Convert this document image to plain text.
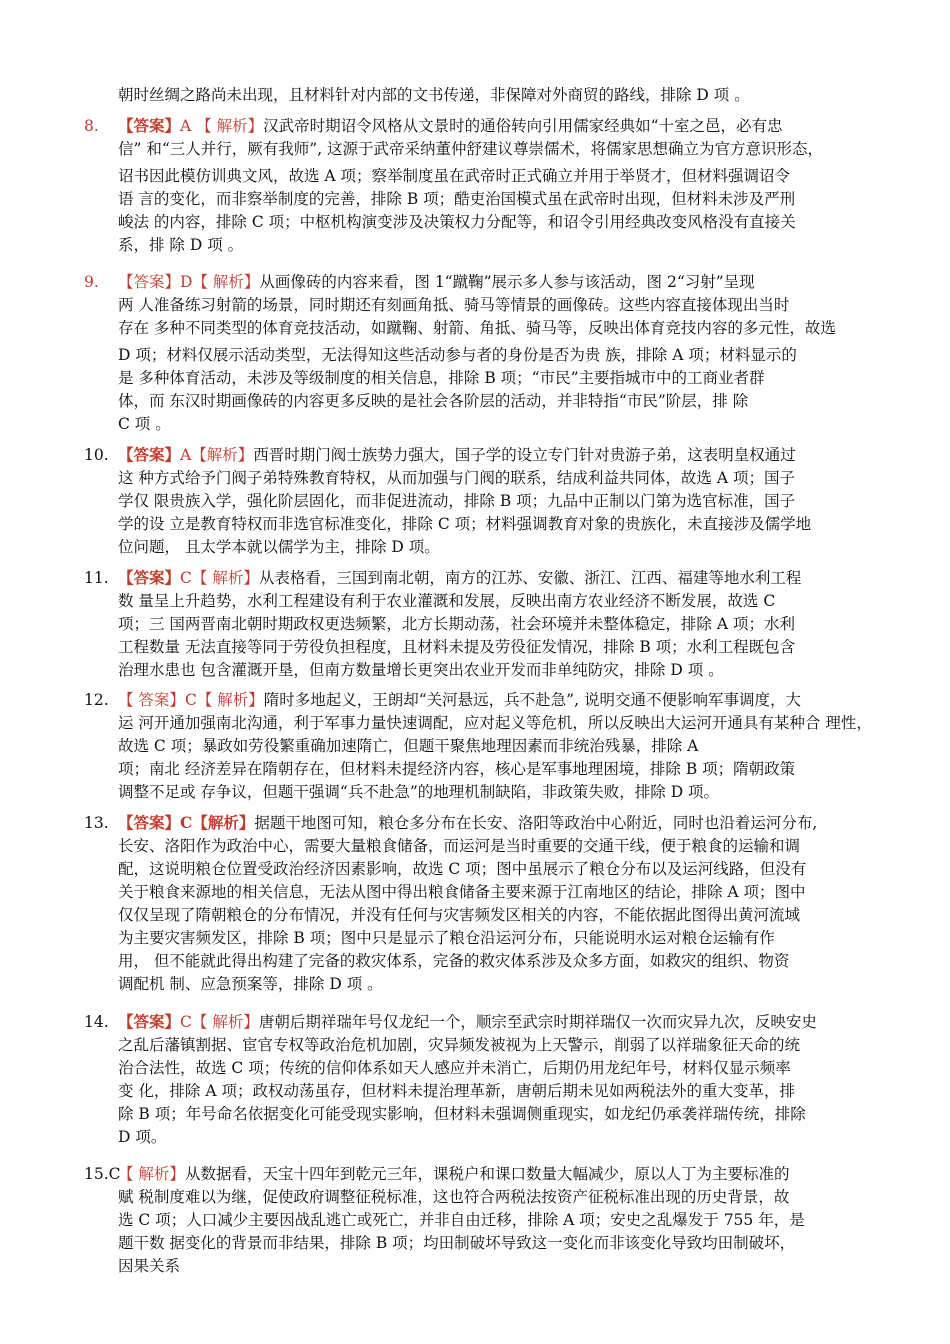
朝时丝绸之路尚未出现，且材料针对内部的文书传递，非保障对外商贸的路线，排除 D 项 。
8.	【答案】A 【 解析】汉武帝时期诏令风格从文景时的通俗转向引用儒家经典如“十室之邑，必有忠
信” 和“三人并行，厥有我师”, 这源于武帝采纳董仲舒建议尊崇儒术，将儒家思想确立为官方意识形态，
诏书因此模仿训典文风，故选 A 项；察举制度虽在武帝时正式确立并用于举贤才，但材料强调诏令
语 言的变化，而非察举制度的完善，排除 B 项；酷吏治国模式虽在武帝时出现，但材料未涉及严刑
峻法 的内容，排除 C 项；中枢机构演变涉及决策权力分配等，和诏令引用经典改变风格没有直接关
系，排 除 D 项 。
9.	【答案】D【 解析】从画像砖的内容来看，图 1“蹴鞠”展示多人参与该活动，图 2“习射”呈现
两 人准备练习射箭的场景，同时期还有刻画角抵、骑马等情景的画像砖。这些内容直接体现出当时
存在 多种不同类型的体育竞技活动，如蹴鞠、射箭、角抵、骑马等，反映出体育竞技内容的多元性，故选
D 项；材料仅展示活动类型，无法得知这些活动参与者的身份是否为贵 族，排除 A 项；材料显示的
是 多种体育活动，未涉及等级制度的相关信息，排除 B 项；“市民”主要指城市中的工商业者群
体，而 东汉时期画像砖的内容更多反映的是社会各阶层的活动，并非特指“市民”阶层，排 除
C 项 。
10. 【答案】A【解析】西晋时期门阀士族势力强大，国子学的设立专门针对贵游子弟，这表明皇权通过
这 种方式给予门阀子弟特殊教育特权，从而加强与门阀的联系，结成利益共同体，故选 A 项；国子
学仅 限贵族入学，强化阶层固化，而非促进流动，排除 B 项；九品中正制以门第为选官标准，国子
学的设 立是教育特权而非选官标准变化，排除 C 项；材料强调教育对象的贵族化，未直接涉及儒学地
位问题， 且太学本就以儒学为主，排除 D 项。
11. 【答案】C【 解析】从表格看，三国到南北朝，南方的江苏、安徽、浙江、江西、福建等地水利工程
数 量呈上升趋势，水利工程建设有利于农业灌溉和发展，反映出南方农业经济不断发展，故选 C
项；三 国两晋南北朝时期政权更迭频繁，北方长期动荡，社会环境并未整体稳定，排除 A 项；水利
工程数量 无法直接等同于劳役负担程度，且材料未提及劳役征发情况，排除 B 项；水利工程既包含
治理水患也 包含灌溉开垦，但南方数量增长更突出农业开发而非单纯防灾，排除 D 项 。
12. 【 答案】C【 解析】隋时多地起义，王朗却“关河悬远，兵不赴急”, 说明交通不便影响军事调度，大
运 河开通加强南北沟通，利于军事力量快速调配，应对起义等危机，所以反映出大运河开通具有某种合 理性，故选 C 项；暴政如劳役繁重确加速隋亡，但题干聚焦地理因素而非统治残暴，排除 A
项；南北 经济差异在隋朝存在，但材料未提经济内容，核心是军事地理困境，排除 B 项；隋朝政策
调整不足或 存争议，但题干强调“兵不赴急”的地理机制缺陷，非政策失败，排除 D 项。
13. 【答案】C【解析】据题干地图可知，粮仓多分布在长安、洛阳等政治中心附近，同时也沿着运河分布,
长安、洛阳作为政治中心，需要大量粮食储备，而运河是当时重要的交通干线，便于粮食的运输和调
配，这说明粮仓位置受政治经济因素影响，故选 C 项；图中虽展示了粮仓分布以及运河线路，但没有
关于粮食来源地的相关信息，无法从图中得出粮食储备主要来源于江南地区的结论，排除 A 项；图中
仅仅呈现了隋朝粮仓的分布情况，并没有任何与灾害频发区相关的内容，不能依据此图得出黄河流域
为主要灾害频发区，排除 B 项；图中只是显示了粮仓沿运河分布，只能说明水运对粮仓运输有作
用， 但不能就此得出构建了完备的救灾体系，完备的救灾体系涉及众多方面，如救灾的组织、物资
调配机 制、应急预案等，排除 D 项 。
14. 【答案】C【 解析】唐朝后期祥瑞年号仅龙纪一个，顺宗至武宗时期祥瑞仅一次而灾异九次，反映安史
之乱后藩镇割据、宦官专权等政治危机加剧，灾异频发被视为上天警示，削弱了以祥瑞象征天命的统
治合法性，故选 C 项；传统的信仰体系如天人感应并未消亡，后期仍用龙纪年号，材料仅显示频率
变 化，排除 A 项；政权动荡虽存，但材料未提治理革新，唐朝后期未见如两税法外的重大变革，排
除 B 项；年号命名依据变化可能受现实影响，但材料未强调侧重现实，如龙纪仍承袭祥瑞传统，排除
D 项。
15.C
【 解析】从数据看，天宝十四年到乾元三年，课税户和课口数量大幅减少，原以人丁为主要标准的
赋 税制度难以为继，促使政府调整征税标准，这也符合两税法按资产征税标准出现的历史背景，故
选 C 项；人口减少主要因战乱逃亡或死亡，并非自由迁移，排除 A 项；安史之乱爆发于 755 年，是
题干数 据变化的背景而非结果，排除 B 项；均田制破坏导致这一变化而非该变化导致均田制破坏，
因果关系
